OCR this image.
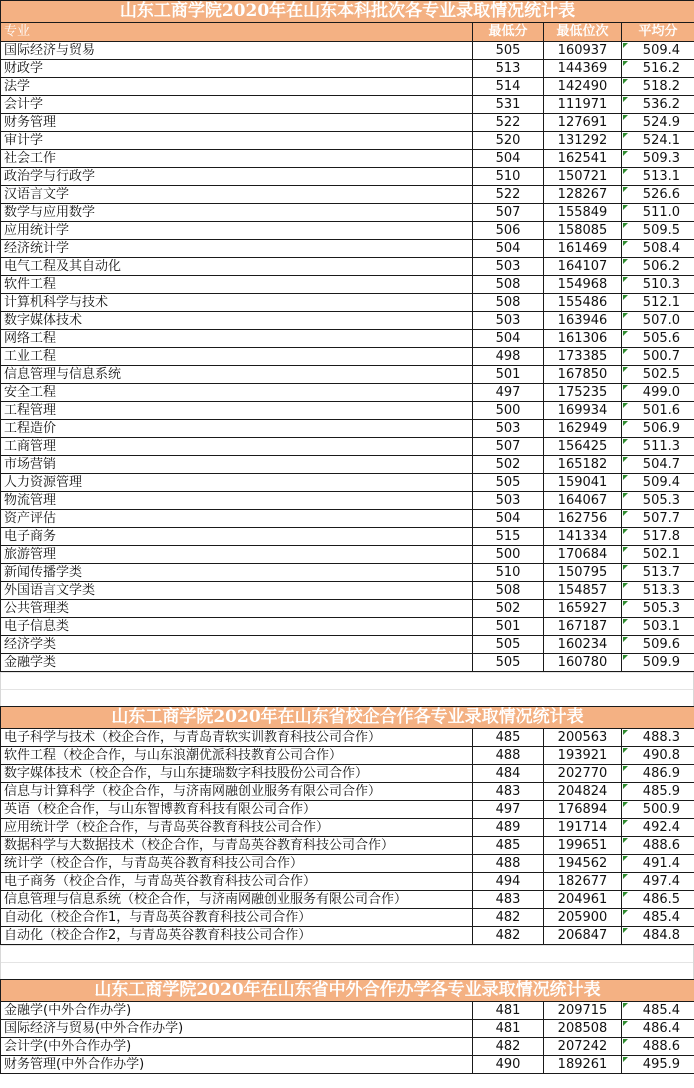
山东工商学院2020年在山东本科批次各专业录取情况统计表			
专业	最低分	最低位次	平均分
国际经济与贸易	505	160937	509.4
财政学	513	144369	516.2
法学	514	142490	518.2
会计学	531	111971	536.2
财务管理	522	127691	524.9
审计学	520	131292	524.1
社会工作	504	162541	509.3
政治学与行政学	510	150721	513.1
汉语言文学	522	128267	526.6
数学与应用数学	507	155849	511.0
应用统计学	506	158085	509.5
经济统计学	504	161469	508.4
电气工程及其自动化	503	164107	506.2
软件工程	508	154968	510.3
计算机科学与技术	508	155486	512.1
数字媒体技术	503	163946	507.0
网络工程	504	161306	505.6
工业工程	498	173385	500.7
信息管理与信息系统	501	167850	502.5
安全工程	497	175235	499.0
工程管理	500	169934	501.6
工程造价	503	162949	506.9
工商管理	507	156425	511.3
市场营销	502	165182	504.7
人力资源管理	505	159041	509.4
物流管理	503	164067	505.3
资产评估	504	162756	507.7
电子商务	515	141334	517.8
旅游管理	500	170684	502.1
新闻传播学类	510	150795	513.7
外国语言文学类	508	154857	513.3
公共管理类	502	165927	505.3
电子信息类	501	167187	503.1
经济学类	505	160234	509.6
金融学类	505	160780	509.9
山东工商学院2020年在山东省校企合作各专业录取情况统计表			
电子科学与技术（校企合作，与青岛青软实训教育科技公司合作）	485	200563	488.3
软件工程（校企合作，与山东浪潮优派科技教育公司合作）	488	193921	490.8
数字媒体技术（校企合作，与山东捷瑞数字科技股份公司合作）	484	202770	486.9
信息与计算科学（校企合作，与济南网融创业服务有限公司合作）	483	204824	485.9
英语（校企合作，与山东智博教育科技有限公司合作）	497	176894	500.9
应用统计学（校企合作，与青岛英谷教育科技公司合作）	489	191714	492.4
数据科学与大数据技术（校企合作，与青岛英谷教育科技公司合作）	485	199651	488.6
统计学（校企合作，与青岛英谷教育科技公司合作）	488	194562	491.4
电子商务（校企合作，与青岛英谷教育科技公司合作）	494	182677	497.4
信息管理与信息系统（校企合作，与济南网融创业服务有限公司合作）	483	204961	486.5
自动化（校企合作1，与青岛英谷教育科技公司合作）	482	205900	485.4
自动化（校企合作2，与青岛英谷教育科技公司合作）	482	206847	484.8
山东工商学院2020年在山东省中外合作办学各专业录取情况统计表			
金融学(中外合作办学)	481	209715	485.4
国际经济与贸易(中外合作办学)	481	208508	486.4
会计学(中外合作办学)	482	207242	488.6
财务管理(中外合作办学)	490	189261	495.9
